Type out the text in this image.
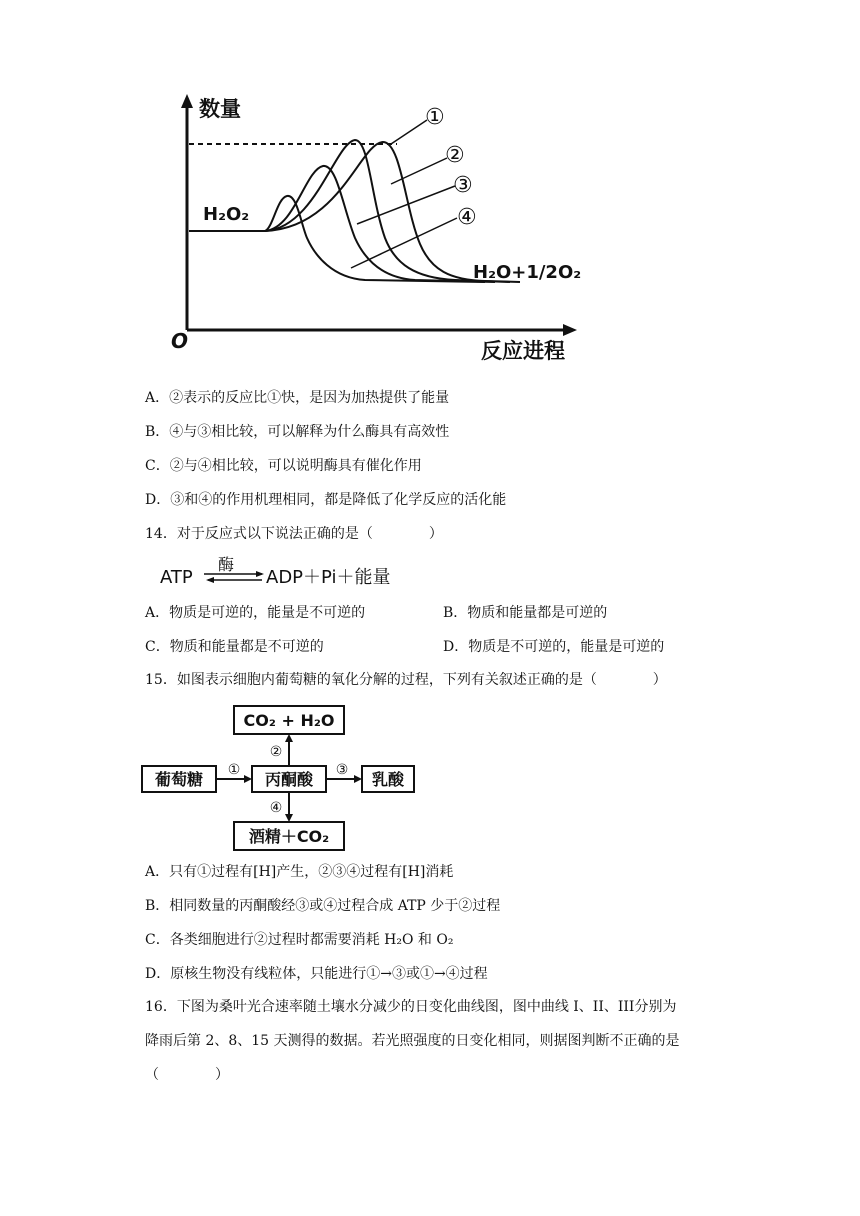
数量
反应进程
O
①
②
③
④
H₂O₂
H₂O+1/2O₂
A．②表示的反应比①快，是因为加热提供了能量
B．④与③相比较，可以解释为什么酶具有高效性
C．②与④相比较，可以说明酶具有催化作用
D．③和④的作用机理相同，都是降低了化学反应的活化能
14．对于反应式以下说法正确的是（　　　　）
ATP
酶
ADP＋Pi＋能量
A．物质是可逆的，能量是不可逆的	B．物质和能量都是可逆的
C．物质和能量都是不可逆的	D．物质是不可逆的，能量是可逆的
15．如图表示细胞内葡萄糖的氧化分解的过程，下列有关叙述正确的是（　　　　）
CO₂ + H₂O
丙酮酸
葡萄糖	乳酸
酒精＋CO₂
①
②
③
④
A．只有①过程有[H]产生，②③④过程有[H]消耗
B．相同数量的丙酮酸经③或④过程合成 ATP 少于②过程
C．各类细胞进行②过程时都需要消耗 H₂O 和 O₂
D．原核生物没有线粒体，只能进行①→③或①→④过程
16．下图为桑叶光合速率随土壤水分减少的日变化曲线图，图中曲线 I、II、III分别为
降雨后第 2、8、15 天测得的数据。若光照强度的日变化相同，则据图判断不正确的是
（　　　　）
